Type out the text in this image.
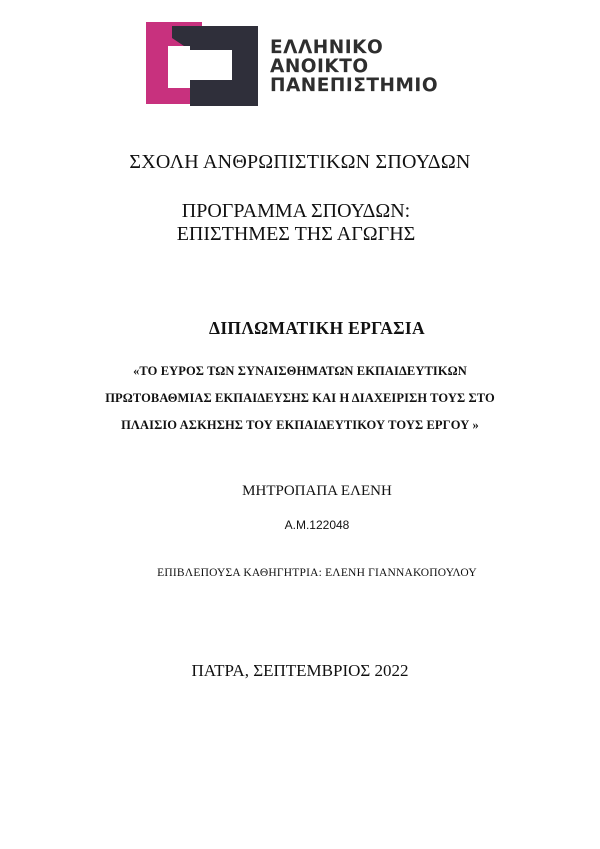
ΕΛΛΗΝΙΚΟ
ΑΝΟΙΚΤΟ
ΠΑΝΕΠΙΣΤΗΜΙΟ
ΣΧΟΛΗ ΑΝΘΡΩΠΙΣΤΙΚΩΝ ΣΠΟΥΔΩΝ
ΠΡΟΓΡΑΜΜΑ ΣΠΟΥΔΩΝ:
ΕΠΙΣΤΗΜΕΣ ΤΗΣ ΑΓΩΓΗΣ
ΔΙΠΛΩΜΑΤΙΚΗ ΕΡΓΑΣΙΑ
«ΤΟ ΕΥΡΟΣ ΤΩΝ ΣΥΝΑΙΣΘΗΜΑΤΩΝ ΕΚΠΑΙΔΕΥΤΙΚΩΝ
ΠΡΩΤΟΒΑΘΜΙΑΣ ΕΚΠΑΙΔΕΥΣΗΣ ΚΑΙ Η ΔΙΑΧΕΙΡΙΣΗ ΤΟΥΣ ΣΤΟ
ΠΛΑΙΣΙΟ ΑΣΚΗΣΗΣ ΤΟΥ ΕΚΠΑΙΔΕΥΤΙΚΟΥ ΤΟΥΣ ΕΡΓΟΥ »
ΜΗΤΡΟΠΑΠΑ ΕΛΕΝΗ
Α.Μ.122048
ΕΠΙΒΛΕΠΟΥΣΑ ΚΑΘΗΓΗΤΡΙΑ: ΕΛΕΝΗ ΓΙΑΝΝΑΚΟΠΟΥΛΟΥ
ΠΑΤΡΑ, ΣΕΠΤΕΜΒΡΙΟΣ 2022
